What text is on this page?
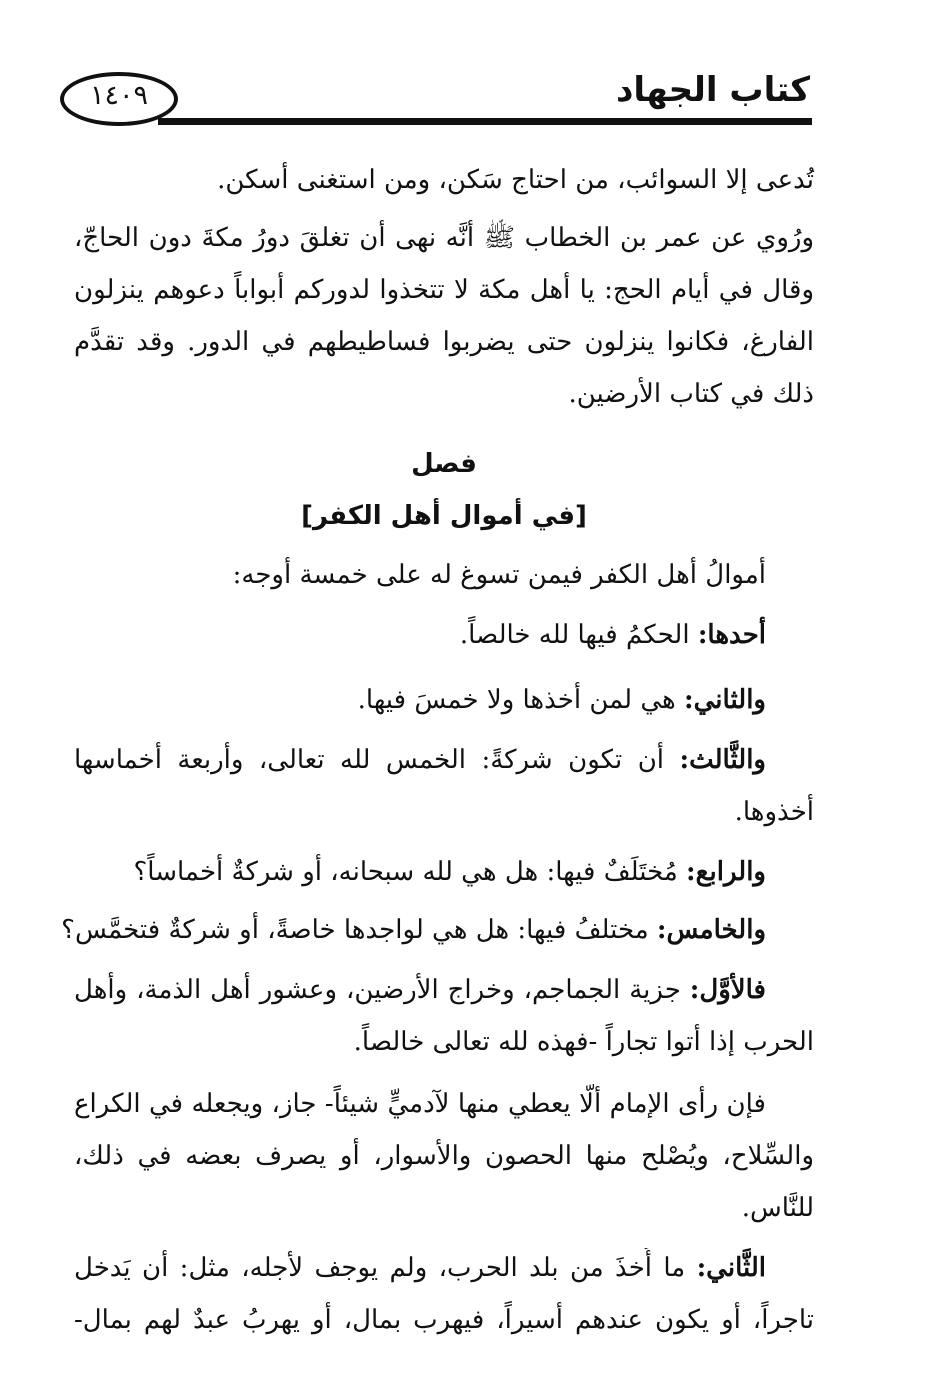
كتاب الجهاد
١٤٠٩
تُدعى إلا السوائب، من احتاج سَكن، ومن استغنى أسكن.
ورُوي عن عمر بن الخطاب ﷺ أنَّه نهى أن تغلقَ دورُ مكةَ دون الحاجّ،
وقال في أيام الحج: يا أهل مكة لا تتخذوا لدوركم أبواباً دعوهم ينزلون
الفارغ، فكانوا ينزلون حتى يضربوا فساطيطهم في الدور. وقد تقدَّم
ذلك في كتاب الأرضين.
فصل
[في أموال أهل الكفر]
أموالُ أهل الكفر فيمن تسوغ له على خمسة أوجه:
أحدها: الحكمُ فيها لله خالصاً.
والثاني: هي لمن أخذها ولا خمسَ فيها.
والثَّالث: أن تكون شركةً: الخمس لله تعالى، وأربعة أخماسها
أخذوها.
والرابع: مُختَلَفٌ فيها: هل هي لله سبحانه، أو شركةٌ أخماساً؟
والخامس: مختلفُ فيها: هل هي لواجدها خاصةً، أو شركةٌ فتخمَّس؟
فالأوَّل: جزية الجماجم، وخراج الأرضين، وعشور أهل الذمة، وأهل
الحرب إذا أتوا تجاراً -فهذه لله تعالى خالصاً.
فإن رأى الإمام ألَّا يعطي منها لآدميٍّ شيئاً- جاز، ويجعله في الكراع
والسِّلاح، ويُصْلح منها الحصون والأسوار، أو يصرف بعضه في ذلك،
للنَّاس.
الثَّاني: ما أُخذَ من بلد الحرب، ولم يوجف لأجله، مثل: أن يَدخل
تاجراً، أو يكون عندهم أسيراً، فيهرب بمال، أو يهربُ عبدٌ لهم بمال-
